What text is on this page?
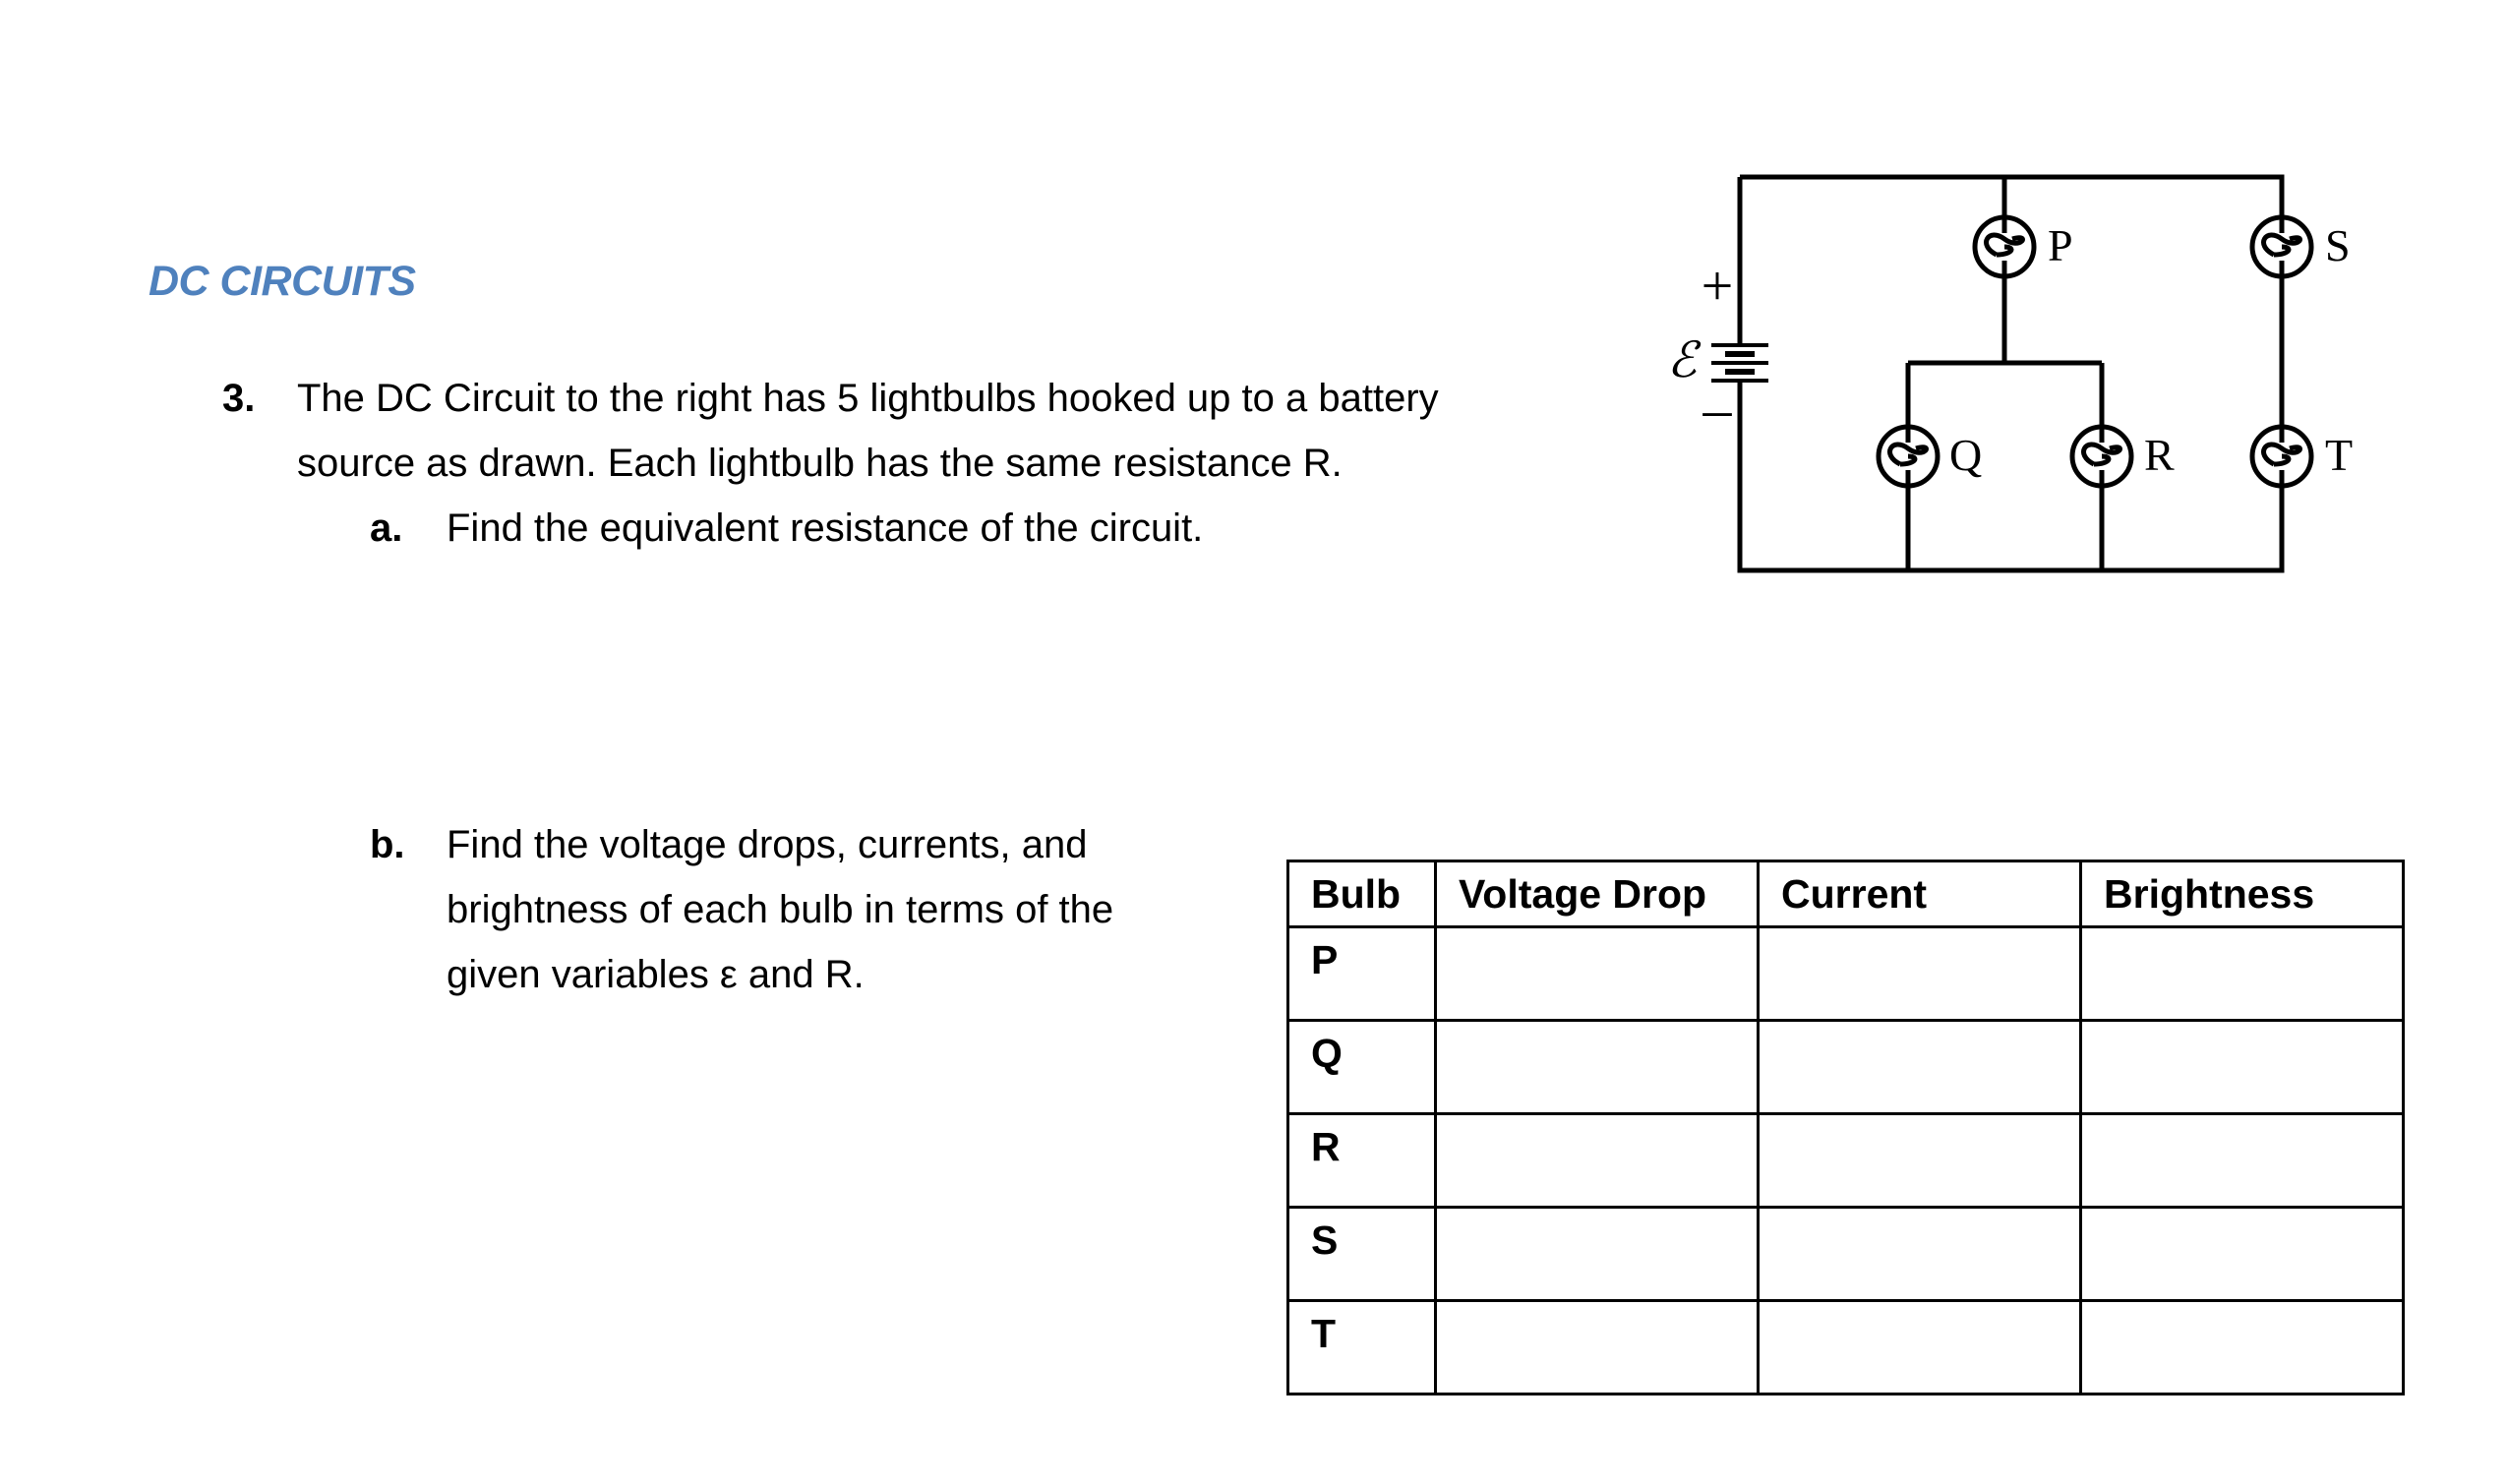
DC CIRCUITS
3. The DC Circuit to the right has 5 lightbulbs hooked up to a battery
source as drawn. Each lightbulb has the same resistance R.
a. Find the equivalent resistance of the circuit.
b. Find the voltage drops, currents, and
brightness of each bulb in terms of the
given variables ε and R.
+
–
ℰ
P
Q	R
S
T
Bulb	Voltage Drop	Current	Brightness
P			
Q			
R			
S			
T			
